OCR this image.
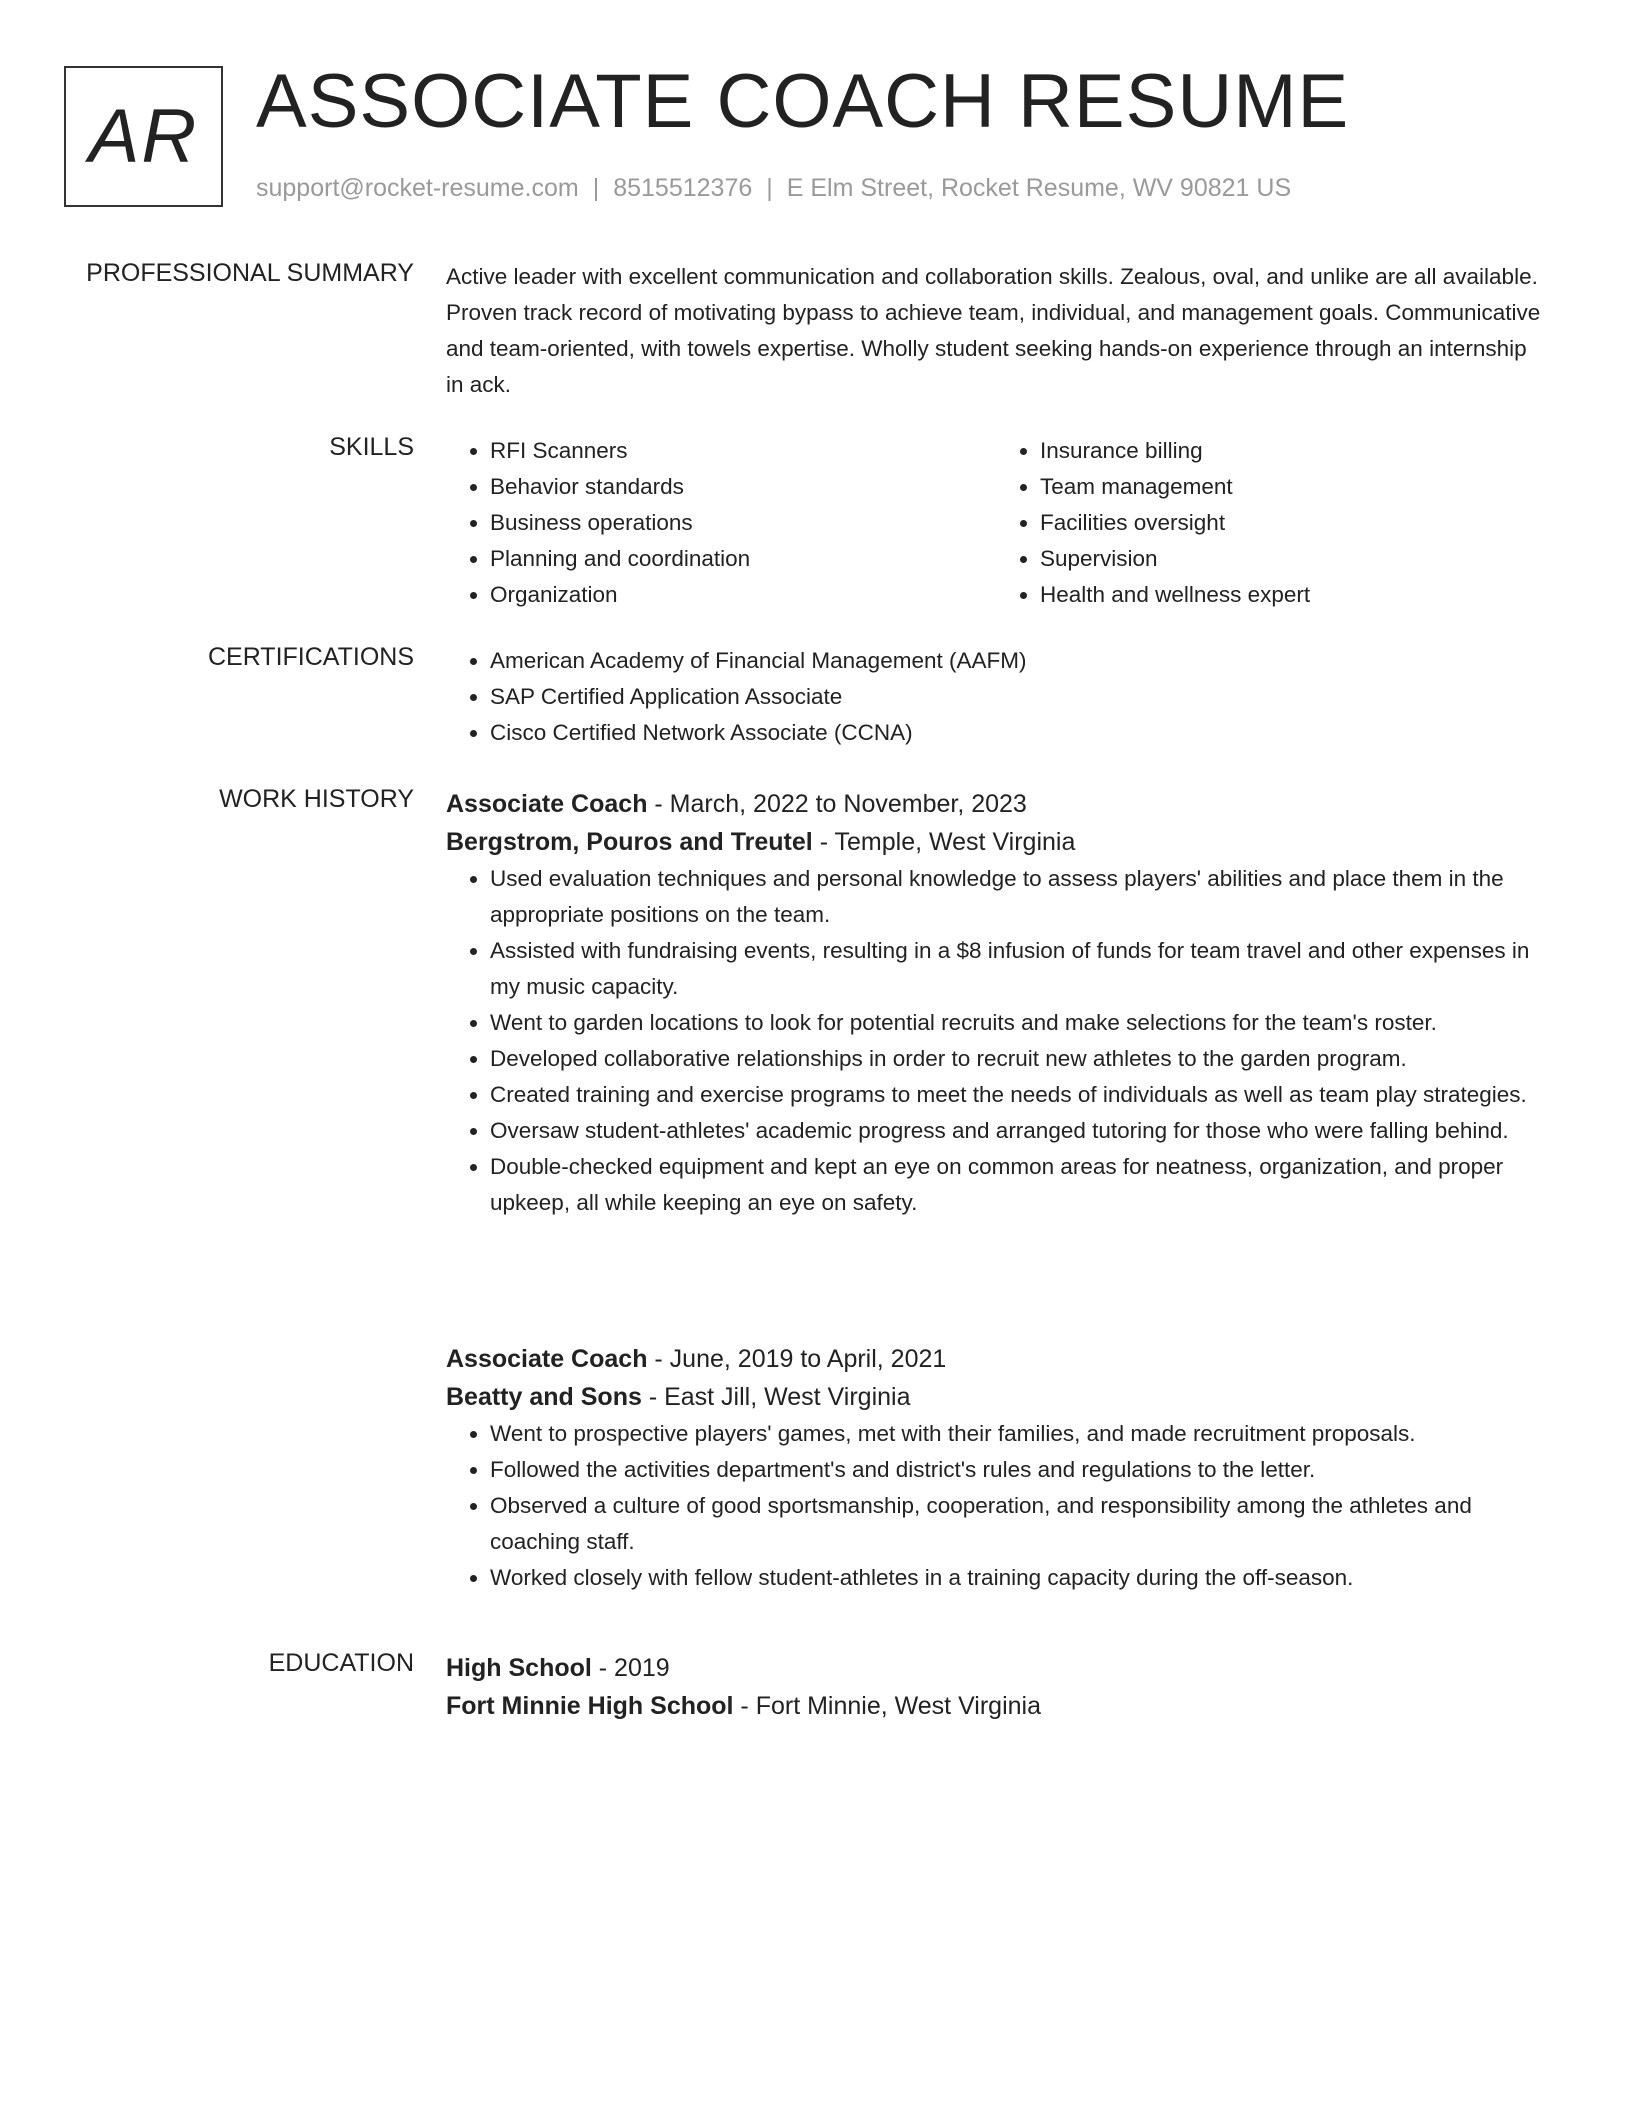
AR ASSOCIATE COACH RESUME
support@rocket-resume.com | 8515512376 | E Elm Street, Rocket Resume, WV 90821 US
PROFESSIONAL SUMMARY Active leader with excellent communication and collaboration skills. Zealous, oval, and unlike are all available. Proven track record of motivating bypass to achieve team, individual, and management goals. Communicative and team-oriented, with towels expertise. Wholly student seeking hands-on experience through an internship in ack.

SKILLS	• RFI Scanners
• Behavior standards
• Business operations
• Planning and coordination
• Organization
• Insurance billing
• Team management
• Facilities oversight
• Supervision
• Health and wellness expert
CERTIFICATIONS	• American Academy of Financial Management (AAFM)
• SAP Certified Application Associate
• Cisco Certified Network Associate (CCNA)
WORK HISTORY Associate Coach - March, 2022 to November, 2023
Bergstrom, Pouros and Treutel - Temple, West Virginia
• Used evaluation techniques and personal knowledge to assess players' abilities and place them in the appropriate positions on the team.
• Assisted with fundraising events, resulting in a $8 infusion of funds for team travel and other expenses in my music capacity.
• Went to garden locations to look for potential recruits and make selections for the team's roster.
• Developed collaborative relationships in order to recruit new athletes to the garden program.
• Created training and exercise programs to meet the needs of individuals as well as team play strategies.
• Oversaw student-athletes' academic progress and arranged tutoring for those who were falling behind.
• Double-checked equipment and kept an eye on common areas for neatness, organization, and proper upkeep, all while keeping an eye on safety.
Associate Coach - June, 2019 to April, 2021
Beatty and Sons - East Jill, West Virginia
• Went to prospective players' games, met with their families, and made recruitment proposals.
• Followed the activities department's and district's rules and regulations to the letter.
• Observed a culture of good sportsmanship, cooperation, and responsibility among the athletes and coaching staff.
• Worked closely with fellow student-athletes in a training capacity during the off-season.
EDUCATION High School - 2019
Fort Minnie High School - Fort Minnie, West Virginia
